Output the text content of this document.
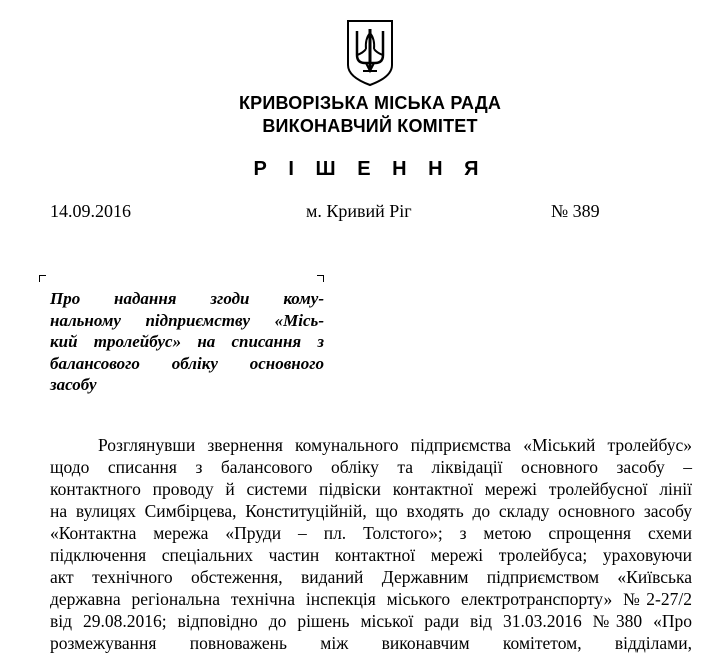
КРИВОРІЗЬКА МІСЬКА РАДА
ВИКОНАВЧИЙ КОМІТЕТ
Р І Ш Е Н Н Я
14.09.2016	м. Кривий Ріг	№ 389
Про надання згоди кому-
нальному підприємству «Місь-
кий тролейбус» на списання з
балансового обліку основного
засобу
Розглянувши звернення комунального підприємства «Міський тролейбус»
щодо списання з балансового обліку та ліквідації основного засобу –
контактного проводу й системи підвіски контактної мережі тролейбусної лінії
на вулицях Симбірцева, Конституційній, що входять до складу основного засобу
«Контактна мережа «Пруди – пл. Толстого»; з метою спрощення схеми
підключення спеціальних частин контактної мережі тролейбуса; ураховуючи
акт технічного обстеження, виданий Державним підприємством «Київська
державна регіональна технічна інспекція міського електротранспорту» №2-27/2
від 29.08.2016; відповідно до рішень міської ради від 31.03.2016 №380 «Про
розмежування повноважень між виконавчим комітетом, відділами,
